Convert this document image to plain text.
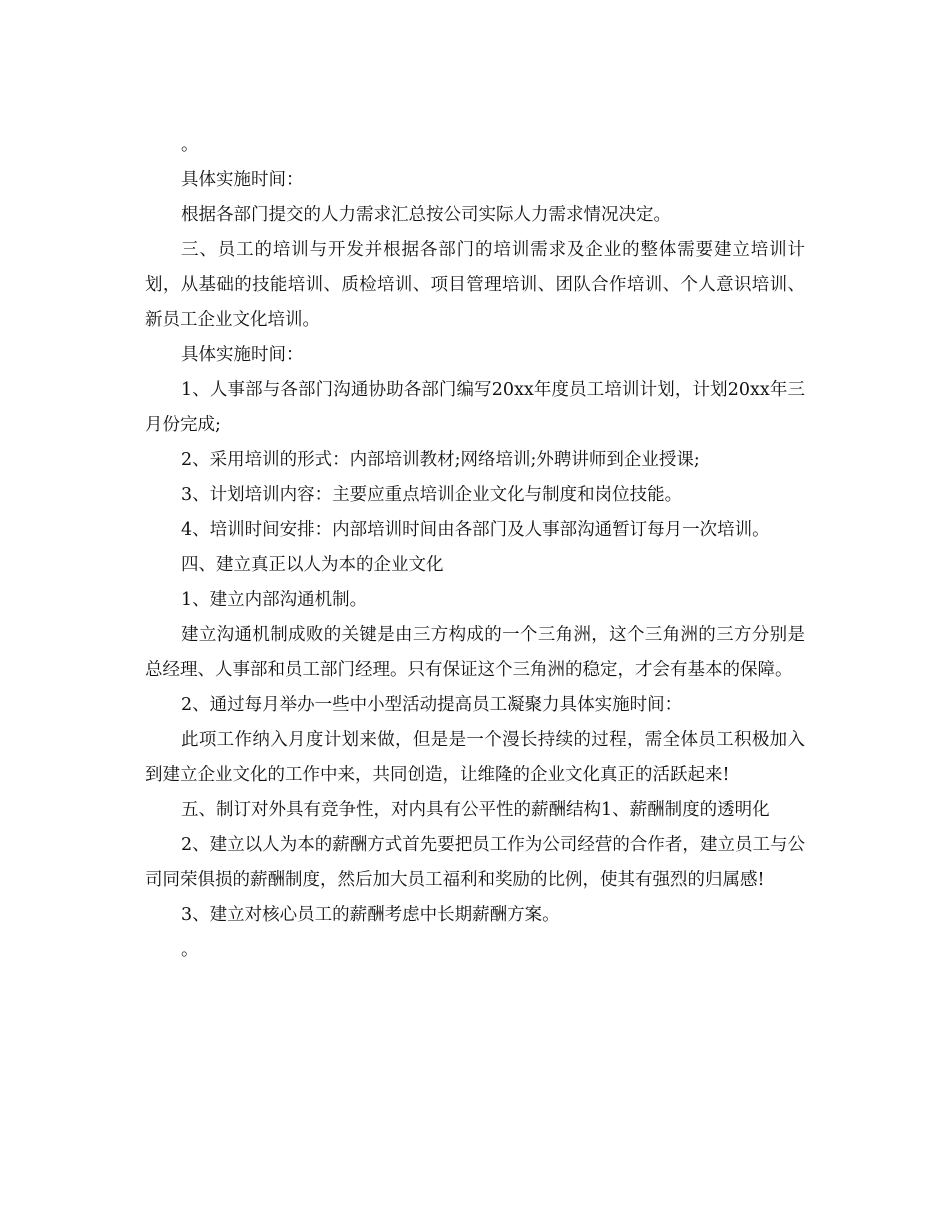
。

具体实施时间：

根据各部门提交的人力需求汇总按公司实际人力需求情况决定。

三、员工的培训与开发并根据各部门的培训需求及企业的整体需要建立培训计划，从基础的技能培训、质检培训、项目管理培训、团队合作培训、个人意识培训、新员工企业文化培训。

具体实施时间：

1、人事部与各部门沟通协助各部门编写20xx年度员工培训计划，计划20xx年三月份完成;

2、采用培训的形式：内部培训教材;网络培训;外聘讲师到企业授课;

3、计划培训内容：主要应重点培训企业文化与制度和岗位技能。

4、培训时间安排：内部培训时间由各部门及人事部沟通暂订每月一次培训。

四、建立真正以人为本的企业文化

1、建立内部沟通机制。

建立沟通机制成败的关键是由三方构成的一个三角洲，这个三角洲的三方分别是总经理、人事部和员工部门经理。只有保证这个三角洲的稳定，才会有基本的保障。

2、通过每月举办一些中小型活动提高员工凝聚力具体实施时间：

此项工作纳入月度计划来做，但是是一个漫长持续的过程，需全体员工积极加入到建立企业文化的工作中来，共同创造，让维隆的企业文化真正的活跃起来!

五、制订对外具有竞争性，对内具有公平性的薪酬结构1、薪酬制度的透明化

2、建立以人为本的薪酬方式首先要把员工作为公司经营的合作者，建立员工与公司同荣俱损的薪酬制度，然后加大员工福利和奖励的比例，使其有强烈的归属感!

3、建立对核心员工的薪酬考虑中长期薪酬方案。

。
